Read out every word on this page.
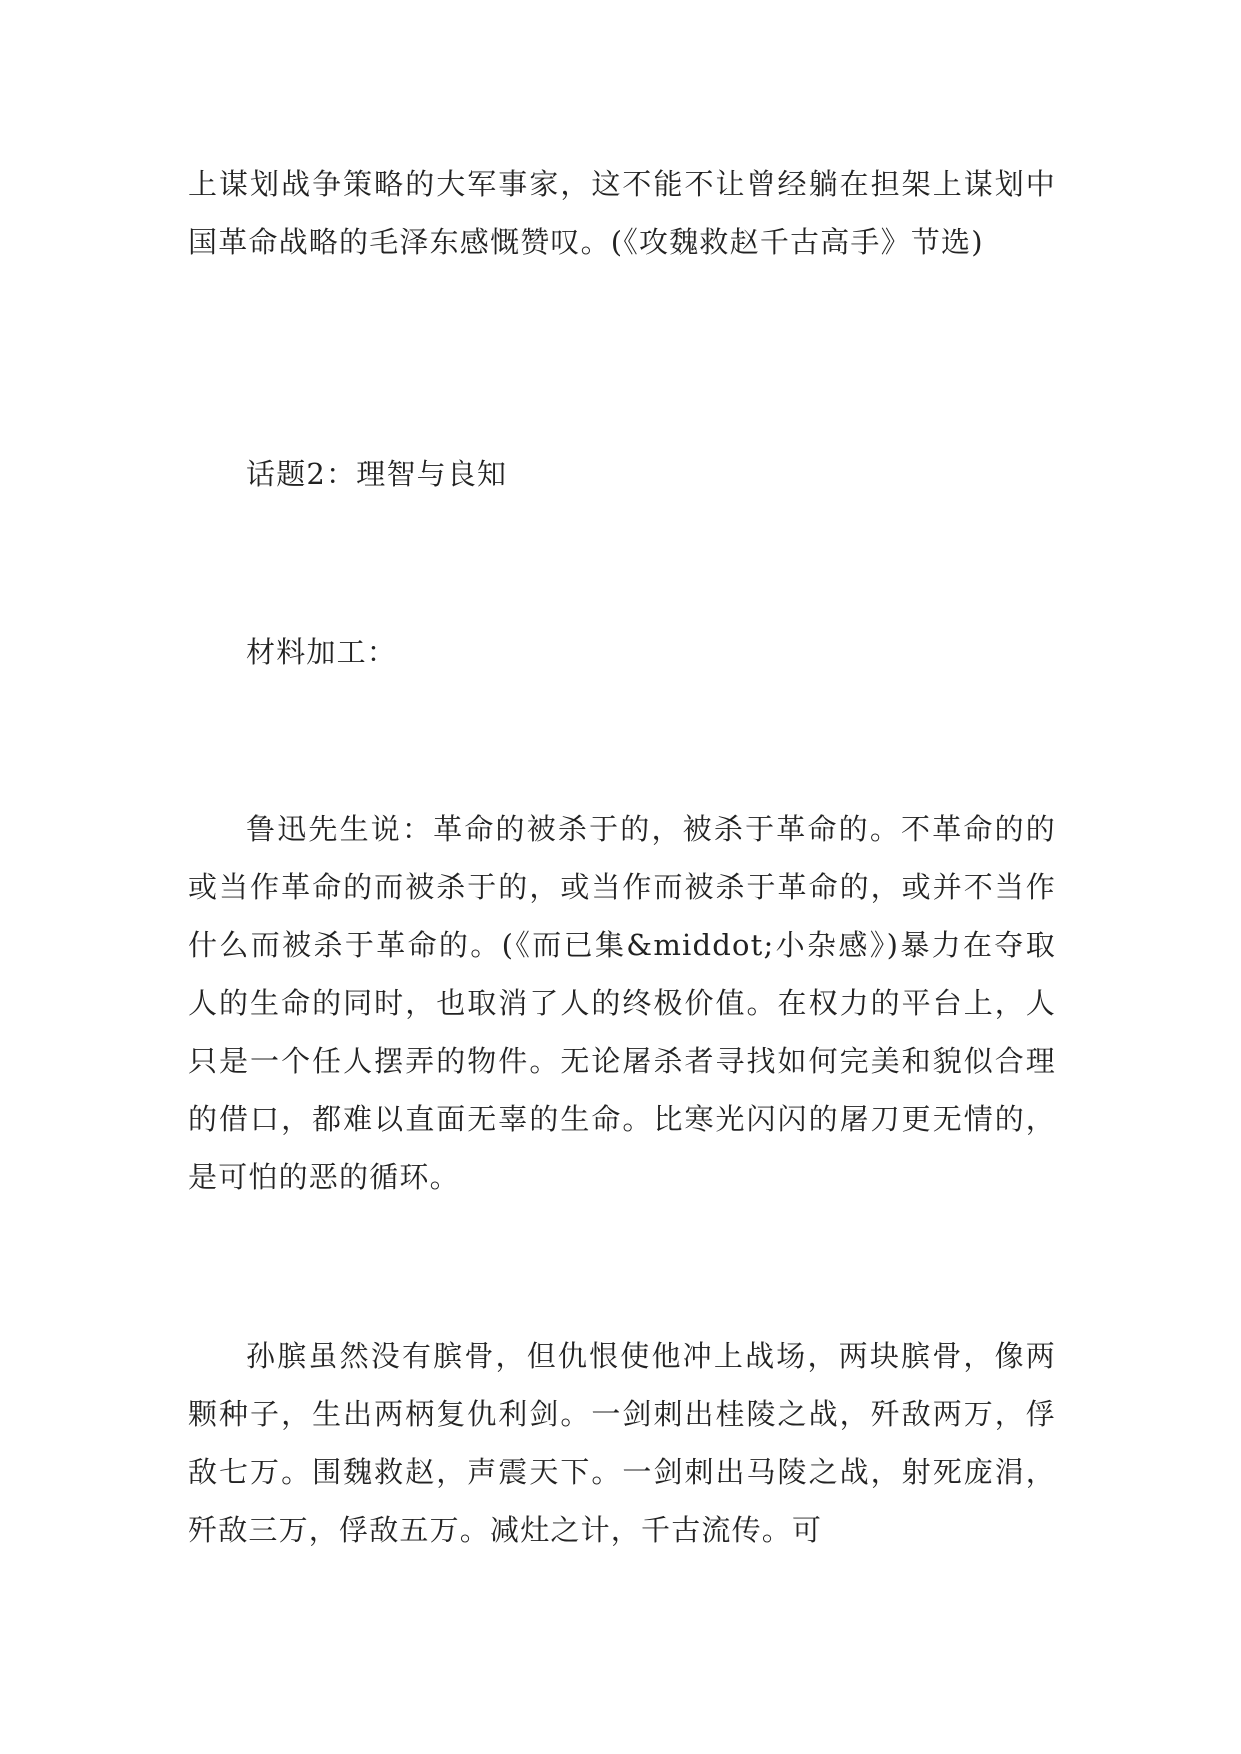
上谋划战争策略的大军事家，这不能不让曾经躺在担架上谋划中国革命战略的毛泽东感慨赞叹。(《攻魏救赵千古高手》节选)

话题2：理智与良知

材料加工：

鲁迅先生说：革命的被杀于的，被杀于革命的。不革命的的或当作革命的而被杀于的，或当作而被杀于革命的，或并不当作什么而被杀于革命的。(《而已集&middot;小杂感》)暴力在夺取人的生命的同时，也取消了人的终极价值。在权力的平台上，人只是一个任人摆弄的物件。无论屠杀者寻找如何完美和貌似合理的借口，都难以直面无辜的生命。比寒光闪闪的屠刀更无情的，是可怕的恶的循环。

孙膑虽然没有膑骨，但仇恨使他冲上战场，两块膑骨，像两颗种子，生出两柄复仇利剑。一剑刺出桂陵之战，歼敌两万，俘敌七万。围魏救赵，声震天下。一剑刺出马陵之战，射死庞涓，歼敌三万，俘敌五万。减灶之计，千古流传。可
